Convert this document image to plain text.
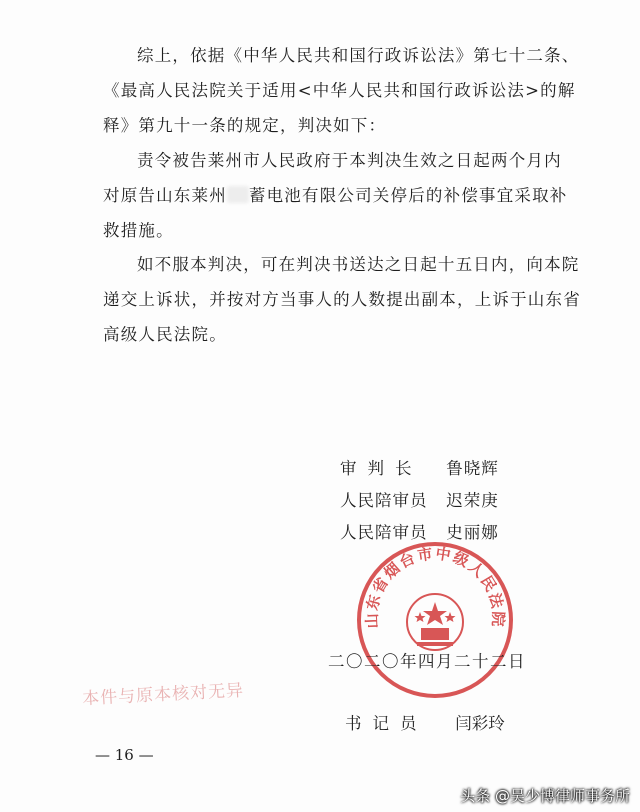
综上，依据《中华人民共和国行政诉讼法》第七十二条、
《最高人民法院关于适用<中华人民共和国行政诉讼法>的解
释》第九十一条的规定，判决如下：

责令被告莱州市人民政府于本判决生效之日起两个月内
对原告山东莱州 蓄电池有限公司关停后的补偿事宜采取补
救措施。

如不服本判决，可在判决书送达之日起十五日内，向本院
递交上诉状，并按对方当事人的人数提出副本，上诉于山东省
高级人民法院。

审判长 鲁晓辉
人民陪审员 迟荣庚
人民陪审员 史丽娜
山东省烟台市中级人民法院
二〇二〇年四月二十二日
本件与原本核对无异
书记员 闫彩玲
— 16 —
头条 @吴少博律师事务所
